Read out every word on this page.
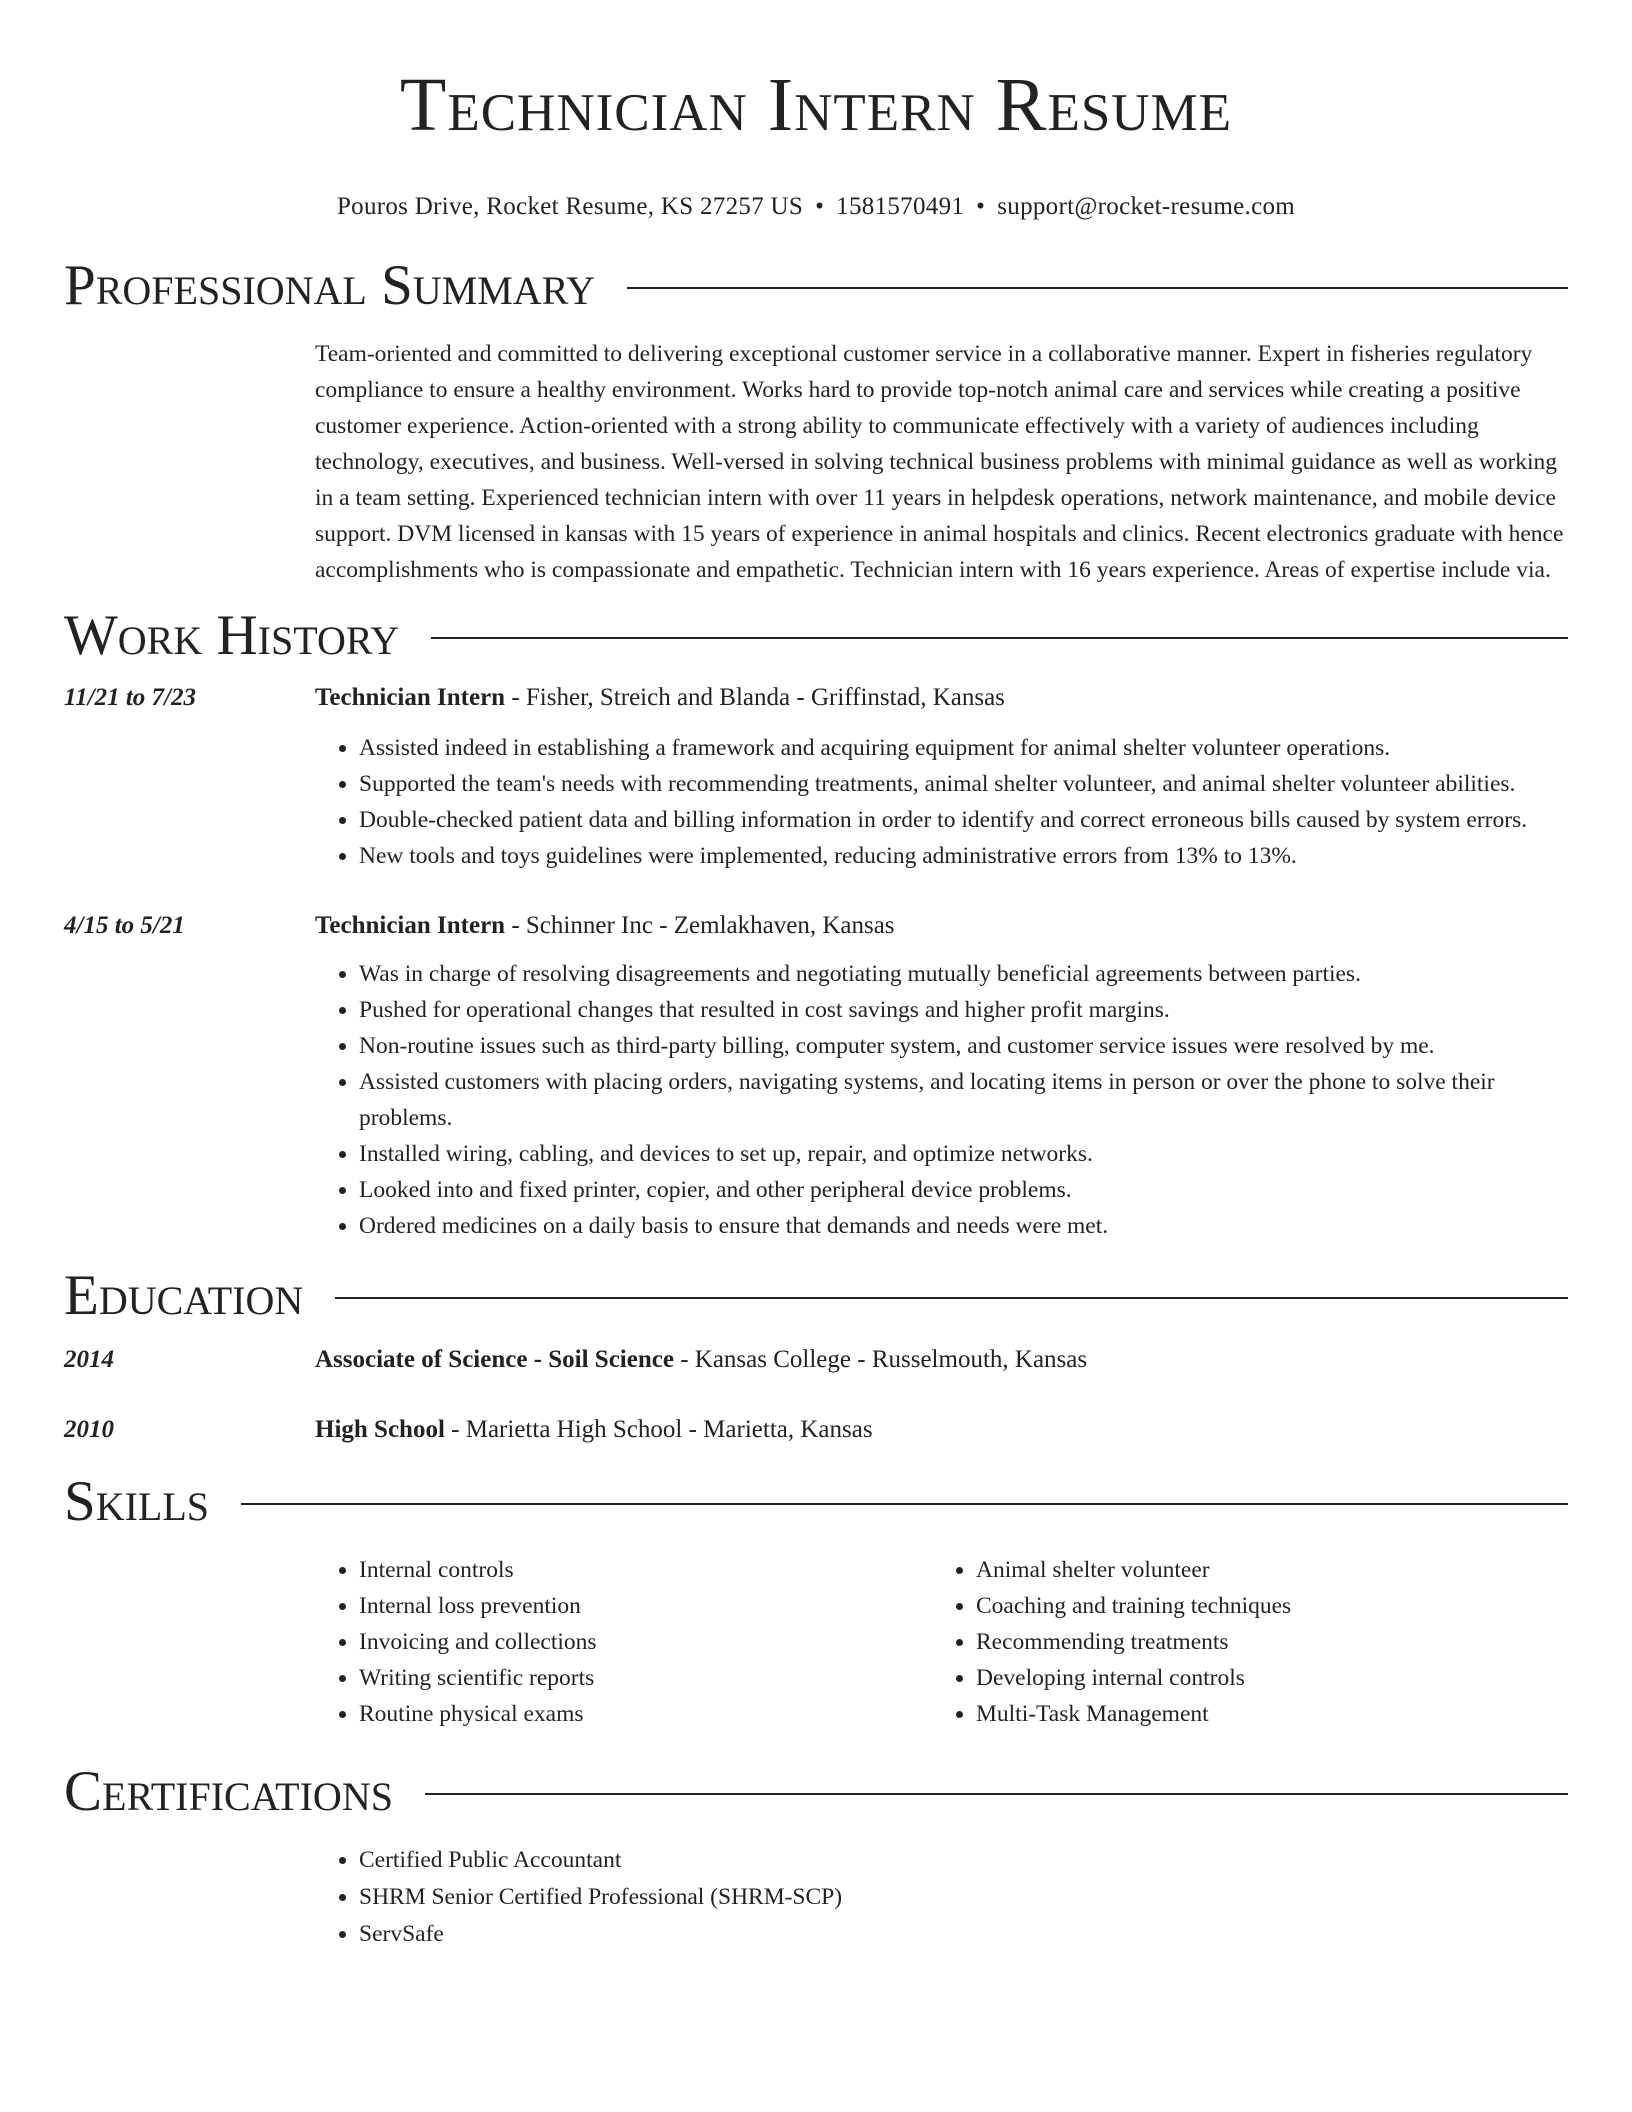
Technician Intern Resume
Pouros Drive, Rocket Resume, KS 27257 US • 1581570491 • support@rocket-resume.com
Professional Summary
Team-oriented and committed to delivering exceptional customer service in a collaborative manner. Expert in fisheries regulatory compliance to ensure a healthy environment. Works hard to provide top-notch animal care and services while creating a positive customer experience. Action-oriented with a strong ability to communicate effectively with a variety of audiences including technology, executives, and business. Well-versed in solving technical business problems with minimal guidance as well as working in a team setting. Experienced technician intern with over 11 years in helpdesk operations, network maintenance, and mobile device support. DVM licensed in kansas with 15 years of experience in animal hospitals and clinics. Recent electronics graduate with hence accomplishments who is compassionate and empathetic. Technician intern with 16 years experience. Areas of expertise include via.
Work History
11/21 to 7/23	Technician Intern - Fisher, Streich and Blanda - Griffinstad, Kansas
• Assisted indeed in establishing a framework and acquiring equipment for animal shelter volunteer operations.
• Supported the team's needs with recommending treatments, animal shelter volunteer, and animal shelter volunteer abilities.
• Double-checked patient data and billing information in order to identify and correct erroneous bills caused by system errors.
• New tools and toys guidelines were implemented, reducing administrative errors from 13% to 13%.
4/15 to 5/21	Technician Intern - Schinner Inc - Zemlakhaven, Kansas
• Was in charge of resolving disagreements and negotiating mutually beneficial agreements between parties.
• Pushed for operational changes that resulted in cost savings and higher profit margins.
• Non-routine issues such as third-party billing, computer system, and customer service issues were resolved by me.
• Assisted customers with placing orders, navigating systems, and locating items in person or over the phone to solve their problems.
• Installed wiring, cabling, and devices to set up, repair, and optimize networks.
• Looked into and fixed printer, copier, and other peripheral device problems.
• Ordered medicines on a daily basis to ensure that demands and needs were met.
Education
2014	Associate of Science - Soil Science - Kansas College - Russelmouth, Kansas
2010	High School - Marietta High School - Marietta, Kansas
Skills
• Internal controls
• Internal loss prevention
• Invoicing and collections
• Writing scientific reports
• Routine physical exams
• Animal shelter volunteer
• Coaching and training techniques
• Recommending treatments
• Developing internal controls
• Multi-Task Management
Certifications
• Certified Public Accountant
• SHRM Senior Certified Professional (SHRM-SCP)
• ServSafe
